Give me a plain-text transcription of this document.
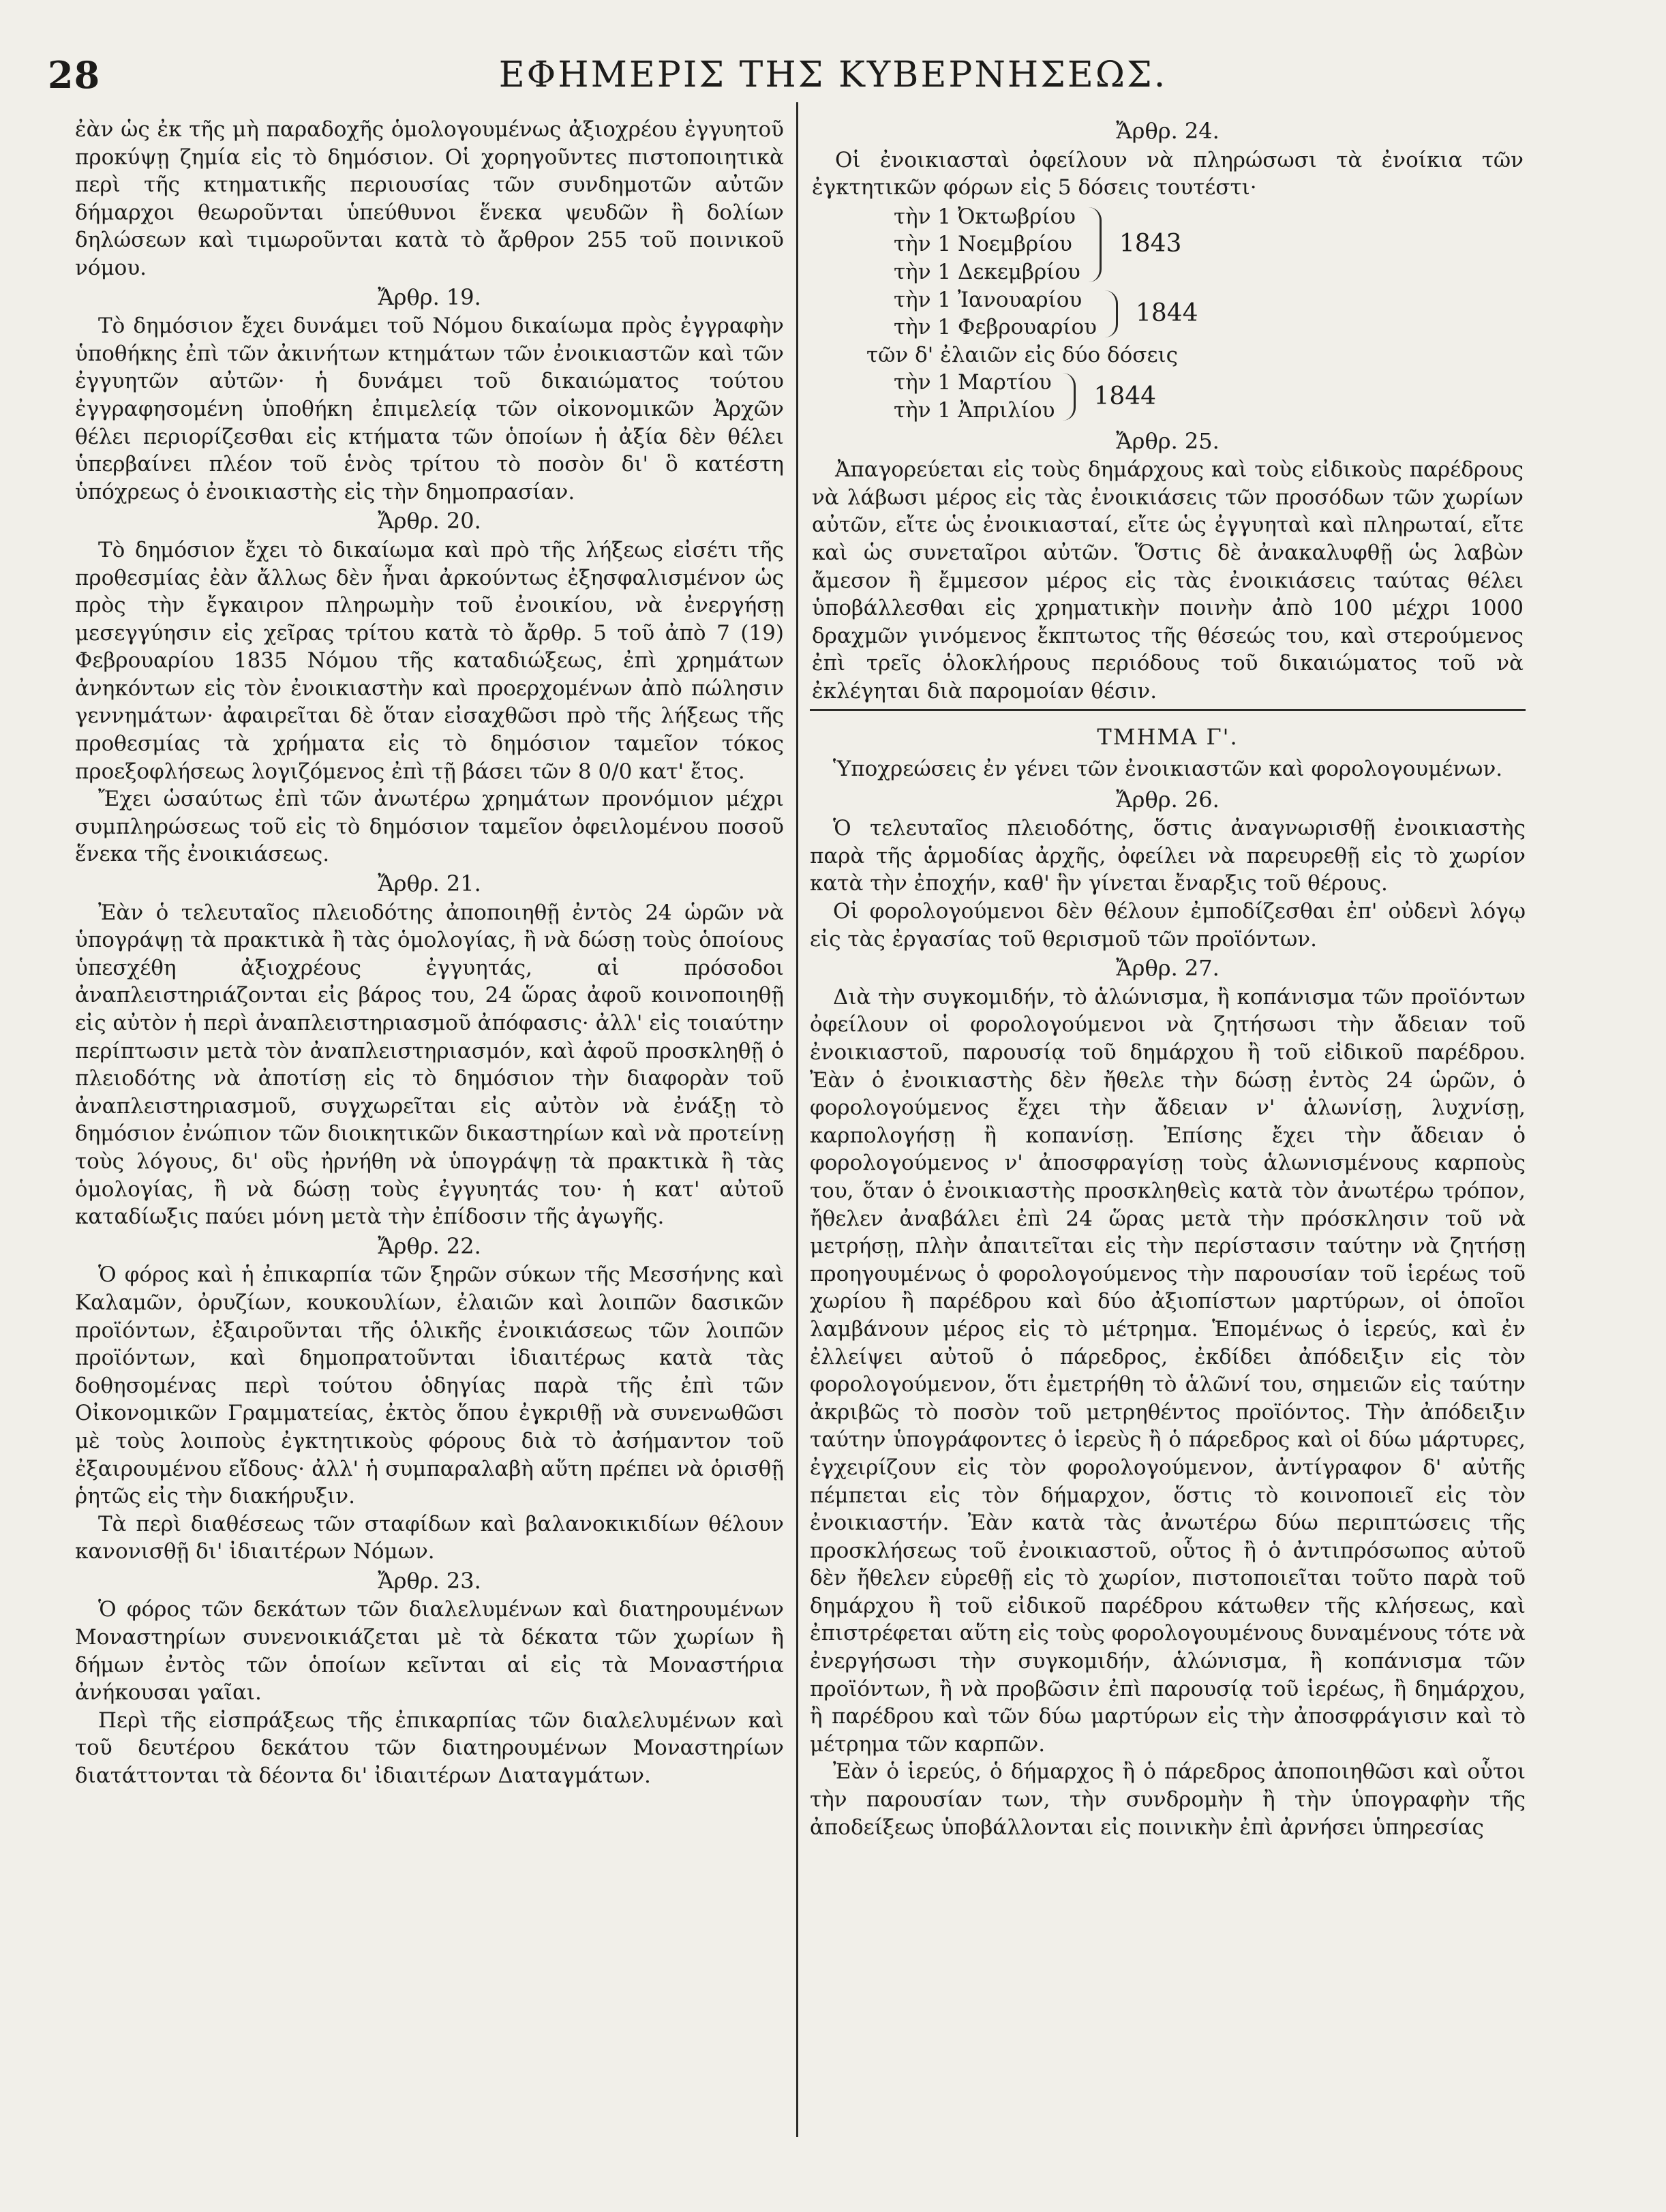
28	ΕΦΗΜΕΡΙΣ ΤΗΣ ΚΥΒΕΡΝΗΣΕΩΣ.

ἐὰν ὡς ἐκ τῆς μὴ παραδοχῆς ὁμολογουμένως ἀξιοχρέου ἐγγυητοῦ προκύψῃ ζημία εἰς τὸ δημόσιον. Οἱ χορηγοῦντες πιστοποιητικὰ περὶ τῆς κτηματικῆς περιουσίας τῶν συνδημοτῶν αὐτῶν δήμαρχοι θεωροῦνται ὑπεύθυνοι ἕνεκα ψευδῶν ἢ δολίων δηλώσεων καὶ τιμωροῦνται κατὰ τὸ ἄρθρον 255 τοῦ ποινικοῦ νόμου.

Ἄρθρ. 19.

Τὸ δημόσιον ἔχει δυνάμει τοῦ Νόμου δικαίωμα πρὸς ἐγγραφὴν ὑποθήκης ἐπὶ τῶν ἀκινήτων κτημάτων τῶν ἐνοικιαστῶν καὶ τῶν ἐγγυητῶν αὐτῶν· ἡ δυνάμει τοῦ δικαιώματος τούτου ἐγγραφησομένη ὑποθήκη ἐπιμελείᾳ τῶν οἰκονομικῶν Ἀρχῶν θέλει περιορίζεσθαι εἰς κτήματα τῶν ὁποίων ἡ ἀξία δὲν θέλει ὑπερβαίνει πλέον τοῦ ἑνὸς τρίτου τὸ ποσὸν δι' ὃ κατέστη ὑπόχρεως ὁ ἐνοικιαστὴς εἰς τὴν δημοπρασίαν.

Ἄρθρ. 20.

Τὸ δημόσιον ἔχει τὸ δικαίωμα καὶ πρὸ τῆς λήξεως εἰσέτι τῆς προθεσμίας ἐὰν ἄλλως δὲν ἦναι ἀρκούντως ἐξησφαλισμένον ὡς πρὸς τὴν ἔγκαιρον πληρωμὴν τοῦ ἐνοικίου, νὰ ἐνεργήσῃ μεσεγγύησιν εἰς χεῖρας τρίτου κατὰ τὸ ἄρθρ. 5 τοῦ ἀπὸ 7 (19) Φεβρουαρίου 1835 Νόμου τῆς καταδιώξεως, ἐπὶ χρημάτων ἀνηκόντων εἰς τὸν ἐνοικιαστὴν καὶ προερχομένων ἀπὸ πώλησιν γεννημάτων· ἀφαιρεῖται δὲ ὅταν εἰσαχθῶσι πρὸ τῆς λήξεως τῆς προθεσμίας τὰ χρήματα εἰς τὸ δημόσιον ταμεῖον τόκος προεξοφλήσεως λογιζόμενος ἐπὶ τῇ βάσει τῶν 8 0/0 κατ' ἔτος.

Ἔχει ὡσαύτως ἐπὶ τῶν ἀνωτέρω χρημάτων προνόμιον μέχρι συμπληρώσεως τοῦ εἰς τὸ δημόσιον ταμεῖον ὀφειλομένου ποσοῦ ἕνεκα τῆς ἐνοικιάσεως.

Ἄρθρ. 21.

Ἐὰν ὁ τελευταῖος πλειοδότης ἀποποιηθῇ ἐντὸς 24 ὡρῶν νὰ ὑπογράψῃ τὰ πρακτικὰ ἢ τὰς ὁμολογίας, ἢ νὰ δώσῃ τοὺς ὁποίους ὑπεσχέθη ἀξιοχρέους ἐγγυητάς, αἱ πρόσοδοι ἀναπλειστηριάζονται εἰς βάρος του, 24 ὥρας ἀφοῦ κοινοποιηθῇ εἰς αὐτὸν ἡ περὶ ἀναπλειστηριασμοῦ ἀπόφασις· ἀλλ' εἰς τοιαύτην περίπτωσιν μετὰ τὸν ἀναπλειστηριασμόν, καὶ ἀφοῦ προσκληθῇ ὁ πλειοδότης νὰ ἀποτίσῃ εἰς τὸ δημόσιον τὴν διαφορὰν τοῦ ἀναπλειστηριασμοῦ, συγχωρεῖται εἰς αὐτὸν νὰ ἐνάξῃ τὸ δημόσιον ἐνώπιον τῶν διοικητικῶν δικαστηρίων καὶ νὰ προτείνῃ τοὺς λόγους, δι' οὓς ἠρνήθη νὰ ὑπογράψῃ τὰ πρακτικὰ ἢ τὰς ὁμολογίας, ἢ νὰ δώσῃ τοὺς ἐγγυητάς του· ἡ κατ' αὐτοῦ καταδίωξις παύει μόνη μετὰ τὴν ἐπίδοσιν τῆς ἀγωγῆς.

Ἄρθρ. 22.

Ὁ φόρος καὶ ἡ ἐπικαρπία τῶν ξηρῶν σύκων τῆς Μεσσήνης καὶ Καλαμῶν, ὀρυζίων, κουκουλίων, ἐλαιῶν καὶ λοιπῶν δασικῶν προϊόντων, ἐξαιροῦνται τῆς ὁλικῆς ἐνοικιάσεως τῶν λοιπῶν προϊόντων, καὶ δημοπρατοῦνται ἰδιαιτέρως κατὰ τὰς δοθησομένας περὶ τούτου ὁδηγίας παρὰ τῆς ἐπὶ τῶν Οἰκονομικῶν Γραμματείας, ἐκτὸς ὅπου ἐγκριθῇ νὰ συνενωθῶσι μὲ τοὺς λοιποὺς ἐγκτητικοὺς φόρους διὰ τὸ ἀσήμαντον τοῦ ἐξαιρουμένου εἴδους· ἀλλ' ἡ συμπαραλαβὴ αὕτη πρέπει νὰ ὁρισθῇ ῥητῶς εἰς τὴν διακήρυξιν.

Τὰ περὶ διαθέσεως τῶν σταφίδων καὶ βαλανοκικιδίων θέλουν κανονισθῇ δι' ἰδιαιτέρων Νόμων.

Ἄρθρ. 23.

Ὁ φόρος τῶν δεκάτων τῶν διαλελυμένων καὶ διατηρουμένων Μοναστηρίων συνενοικιάζεται μὲ τὰ δέκατα τῶν χωρίων ἢ δήμων ἐντὸς τῶν ὁποίων κεῖνται αἱ εἰς τὰ Μοναστήρια ἀνήκουσαι γαῖαι.

Περὶ τῆς εἰσπράξεως τῆς ἐπικαρπίας τῶν διαλελυμένων καὶ τοῦ δευτέρου δεκάτου τῶν διατηρουμένων Μοναστηρίων διατάττονται τὰ δέοντα δι' ἰδιαιτέρων Διαταγμάτων.

Ἄρθρ. 24.

Οἱ ἐνοικιασταὶ ὀφείλουν νὰ πληρώσωσι τὰ ἐνοίκια τῶν ἐγκτητικῶν φόρων εἰς 5 δόσεις τουτέστι·

τὴν 1 Ὀκτωβρίου
τὴν 1 Νοεμβρίου
τὴν 1 Δεκεμβρίου
1843
τὴν 1 Ἰανουαρίου
τὴν 1 Φεβρουαρίου
1844
τῶν δ' ἐλαιῶν εἰς δύο δόσεις
τὴν 1 Μαρτίου
τὴν 1 Ἀπριλίου
1844
Ἄρθρ. 25.

Ἀπαγορεύεται εἰς τοὺς δημάρχους καὶ τοὺς εἰδικοὺς παρέδρους νὰ λάβωσι μέρος εἰς τὰς ἐνοικιάσεις τῶν προσόδων τῶν χωρίων αὐτῶν, εἴτε ὡς ἐνοικιασταί, εἴτε ὡς ἐγγυηταὶ καὶ πληρωταί, εἴτε καὶ ὡς συνεταῖροι αὐτῶν. Ὅστις δὲ ἀνακαλυφθῇ ὡς λαβὼν ἄμεσον ἢ ἔμμεσον μέρος εἰς τὰς ἐνοικιάσεις ταύτας θέλει ὑποβάλλεσθαι εἰς χρηματικὴν ποινὴν ἀπὸ 100 μέχρι 1000 δραχμῶν γινόμενος ἔκπτωτος τῆς θέσεώς του, καὶ στερούμενος ἐπὶ τρεῖς ὁλοκλήρους περιόδους τοῦ δικαιώματος τοῦ νὰ ἐκλέγηται διὰ παρομοίαν θέσιν.

ΤΜΗΜΑ Γ'.
Ὑποχρεώσεις ἐν γένει τῶν ἐνοικιαστῶν καὶ φορολογουμένων.
Ἄρθρ. 26.

Ὁ τελευταῖος πλειοδότης, ὅστις ἀναγνωρισθῇ ἐνοικιαστὴς παρὰ τῆς ἁρμοδίας ἀρχῆς, ὀφείλει νὰ παρευρεθῇ εἰς τὸ χωρίον κατὰ τὴν ἐποχήν, καθ' ἣν γίνεται ἔναρξις τοῦ θέρους.

Οἱ φορολογούμενοι δὲν θέλουν ἐμποδίζεσθαι ἐπ' οὐδενὶ λόγῳ εἰς τὰς ἐργασίας τοῦ θερισμοῦ τῶν προϊόντων.

Ἄρθρ. 27.

Διὰ τὴν συγκομιδήν, τὸ ἁλώνισμα, ἢ κοπάνισμα τῶν προϊόντων ὀφείλουν οἱ φορολογούμενοι νὰ ζητήσωσι τὴν ἄδειαν τοῦ ἐνοικιαστοῦ, παρουσίᾳ τοῦ δημάρχου ἢ τοῦ εἰδικοῦ παρέδρου. Ἐὰν ὁ ἐνοικιαστὴς δὲν ἤθελε τὴν δώσῃ ἐντὸς 24 ὡρῶν, ὁ φορολογούμενος ἔχει τὴν ἄδειαν ν' ἁλωνίσῃ, λυχνίσῃ, καρπολογήσῃ ἢ κοπανίσῃ. Ἐπίσης ἔχει τὴν ἄδειαν ὁ φορολογούμενος ν' ἀποσφραγίσῃ τοὺς ἁλωνισμένους καρποὺς του, ὅταν ὁ ἐνοικιαστὴς προσκληθεὶς κατὰ τὸν ἀνωτέρω τρόπον, ἤθελεν ἀναβάλει ἐπὶ 24 ὥρας μετὰ τὴν πρόσκλησιν τοῦ νὰ μετρήσῃ, πλὴν ἀπαιτεῖται εἰς τὴν περίστασιν ταύτην νὰ ζητήσῃ προηγουμένως ὁ φορολογούμενος τὴν παρουσίαν τοῦ ἱερέως τοῦ χωρίου ἢ παρέδρου καὶ δύο ἀξιοπίστων μαρτύρων, οἱ ὁποῖοι λαμβάνουν μέρος εἰς τὸ μέτρημα. Ἑπομένως ὁ ἱερεύς, καὶ ἐν ἐλλείψει αὐτοῦ ὁ πάρεδρος, ἐκδίδει ἀπόδειξιν εἰς τὸν φορολογούμενον, ὅτι ἐμετρήθη τὸ ἁλῶνί του, σημειῶν εἰς ταύτην ἀκριβῶς τὸ ποσὸν τοῦ μετρηθέντος προϊόντος. Τὴν ἀπόδειξιν ταύτην ὑπογράφοντες ὁ ἱερεὺς ἢ ὁ πάρεδρος καὶ οἱ δύω μάρτυρες, ἐγχειρίζουν εἰς τὸν φορολογούμενον, ἀντίγραφον δ' αὐτῆς πέμπεται εἰς τὸν δήμαρχον, ὅστις τὸ κοινοποιεῖ εἰς τὸν ἐνοικιαστήν. Ἐὰν κατὰ τὰς ἀνωτέρω δύω περιπτώσεις τῆς προσκλήσεως τοῦ ἐνοικιαστοῦ, οὗτος ἢ ὁ ἀντιπρόσωπος αὐτοῦ δὲν ἤθελεν εὑρεθῇ εἰς τὸ χωρίον, πιστοποιεῖται τοῦτο παρὰ τοῦ δημάρχου ἢ τοῦ εἰδικοῦ παρέδρου κάτωθεν τῆς κλήσεως, καὶ ἐπιστρέφεται αὕτη εἰς τοὺς φορολογουμένους δυναμένους τότε νὰ ἐνεργήσωσι τὴν συγκομιδήν, ἁλώνισμα, ἢ κοπάνισμα τῶν προϊόντων, ἢ νὰ προβῶσιν ἐπὶ παρουσίᾳ τοῦ ἱερέως, ἢ δημάρχου, ἢ παρέδρου καὶ τῶν δύω μαρτύρων εἰς τὴν ἀποσφράγισιν καὶ τὸ μέτρημα τῶν καρπῶν.

Ἐὰν ὁ ἱερεύς, ὁ δήμαρχος ἢ ὁ πάρεδρος ἀποποιηθῶσι καὶ οὗτοι τὴν παρουσίαν των, τὴν συνδρομὴν ἢ τὴν ὑπογραφὴν τῆς ἀποδείξεως ὑποβάλλονται εἰς ποινικὴν ἐπὶ ἀρνήσει ὑπηρεσίας
